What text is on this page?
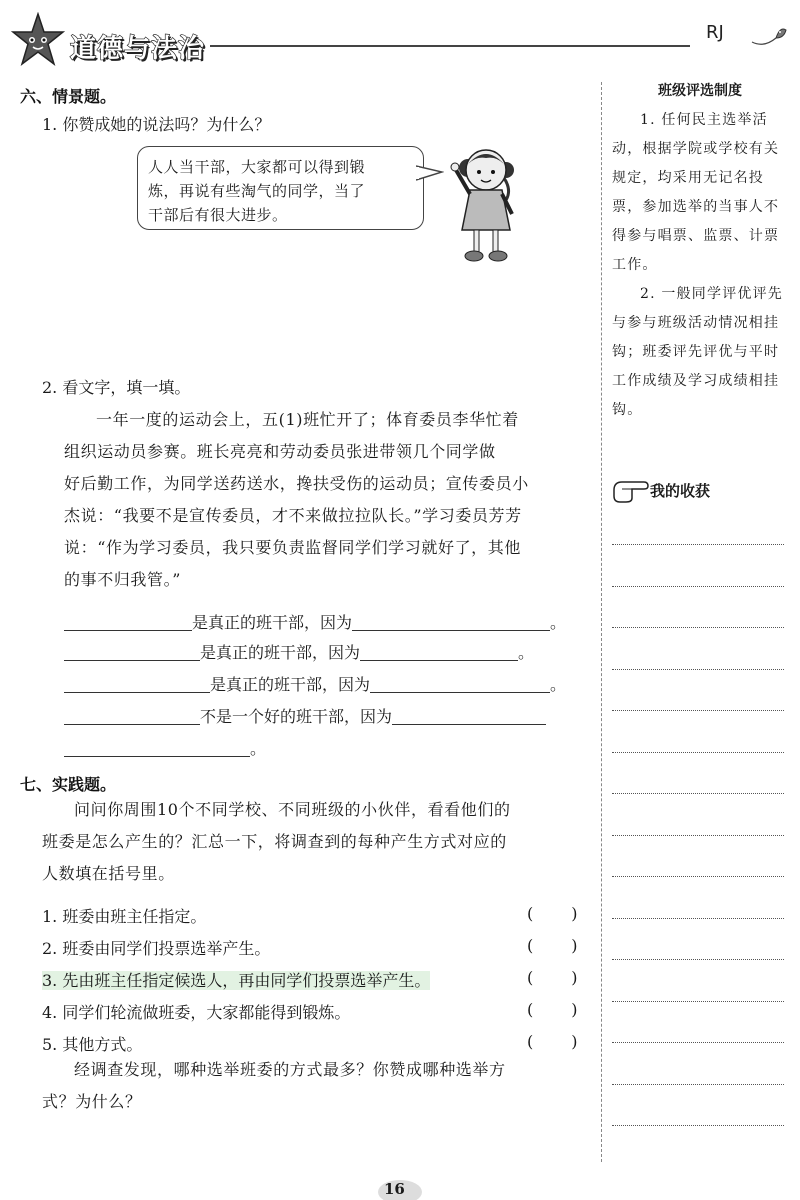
道德与法治
RJ
六、情景题。
1. 你赞成她的说法吗？为什么？
人人当干部，大家都可以得到锻
炼，再说有些淘气的同学，当了
干部后有很大进步。
2. 看文字，填一填。
一年一度的运动会上，五(1)班忙开了；体育委员李华忙着
组织运动员参赛。班长亮亮和劳动委员张进带领几个同学做
好后勤工作，为同学送药送水，搀扶受伤的运动员；宣传委员小
杰说：“我要不是宣传委员，才不来做拉拉队长。”学习委员芳芳
说：“作为学习委员，我只要负责监督同学们学习就好了，其他
的事不归我管。”
是真正的班干部，因为	。
是真正的班干部，因为	。
是真正的班干部，因为	。
不是一个好的班干部，因为
。
七、实践题。
问问你周围10个不同学校、不同班级的小伙伴，看看他们的
班委是怎么产生的？汇总一下，将调查到的每种产生方式对应的
人数填在括号里。
1. 班委由班主任指定。	()
2. 班委由同学们投票选举产生。	()
3. 先由班主任指定候选人，再由同学们投票选举产生。	()
4. 同学们轮流做班委，大家都能得到锻炼。	()
5. 其他方式。	()
经调查发现，哪种选举班委的方式最多？你赞成哪种选举方
式？为什么？
班级评选制度

1. 任何民主选举活动，根据学院或学校有关规定，均采用无记名投票，参加选举的当事人不得参与唱票、监票、计票工作。

2. 一般同学评优评先与参与班级活动情况相挂钩；班委评先评优与平时工作成绩及学习成绩相挂钩。

我的收获
16
